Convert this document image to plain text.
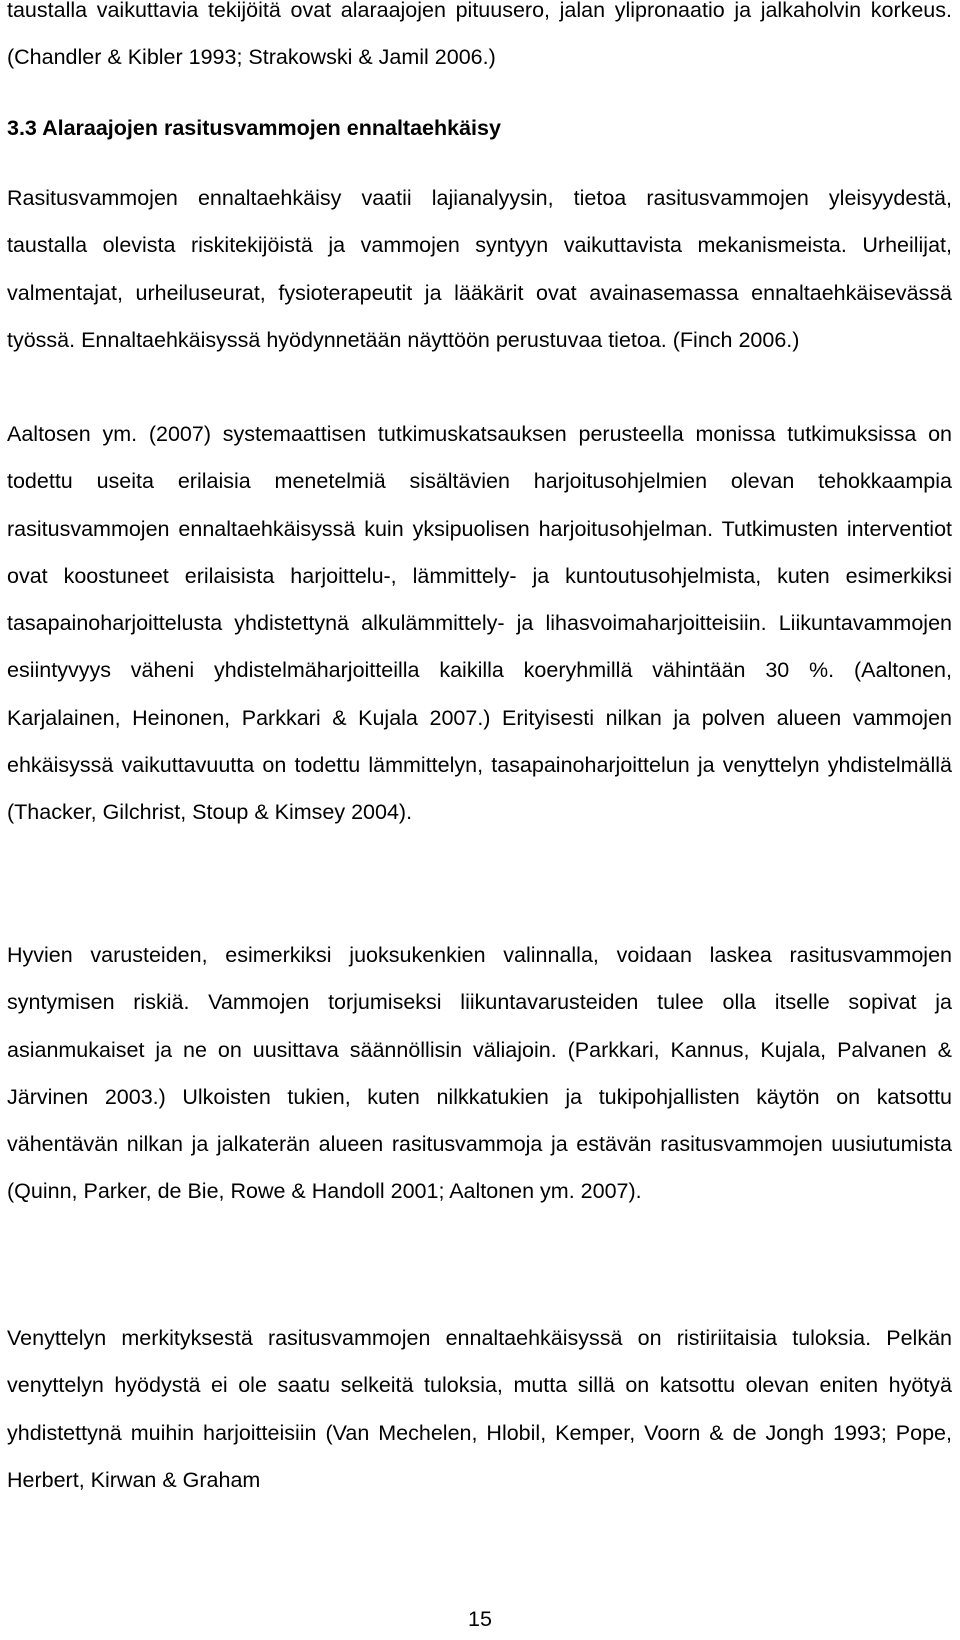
taustalla vaikuttavia tekijöitä ovat alaraajojen pituusero, jalan ylipronaatio ja jalkaholvin korkeus. (Chandler & Kibler 1993; Strakowski & Jamil 2006.)

3.3 Alaraajojen rasitusvammojen ennaltaehkäisy

Rasitusvammojen ennaltaehkäisy vaatii lajianalyysin, tietoa rasitusvammojen yleisyydestä, taustalla olevista riskitekijöistä ja vammojen syntyyn vaikuttavista mekanismeista. Urheilijat, valmentajat, urheiluseurat, fysioterapeutit ja lääkärit ovat avainasemassa ennaltaehkäisevässä työssä. Ennaltaehkäisyssä hyödynnetään näyttöön perustuvaa tietoa. (Finch 2006.)

Aaltosen ym. (2007) systemaattisen tutkimuskatsauksen perusteella monissa tutkimuksissa on todettu useita erilaisia menetelmiä sisältävien harjoitusohjelmien olevan tehokkaampia rasitusvammojen ennaltaehkäisyssä kuin yksipuolisen harjoitusohjelman. Tutkimusten interventiot ovat koostuneet erilaisista harjoittelu-, lämmittely- ja kuntoutusohjelmista, kuten esimerkiksi tasapainoharjoittelusta yhdistettynä alkulämmittely- ja lihasvoimaharjoitteisiin. Liikuntavammojen esiintyvyys väheni yhdistelmäharjoitteilla kaikilla koeryhmillä vähintään 30 %. (Aaltonen, Karjalainen, Heinonen, Parkkari & Kujala 2007.) Erityisesti nilkan ja polven alueen vammojen ehkäisyssä vaikuttavuutta on todettu lämmittelyn, tasapainoharjoittelun ja venyttelyn yhdistelmällä (Thacker, Gilchrist, Stoup & Kimsey 2004).

Hyvien varusteiden, esimerkiksi juoksukenkien valinnalla, voidaan laskea rasitusvammojen syntymisen riskiä. Vammojen torjumiseksi liikuntavarusteiden tulee olla itselle sopivat ja asianmukaiset ja ne on uusittava säännöllisin väliajoin. (Parkkari, Kannus, Kujala, Palvanen & Järvinen 2003.) Ulkoisten tukien, kuten nilkkatukien ja tukipohjallisten käytön on katsottu vähentävän nilkan ja jalkaterän alueen rasitusvammoja ja estävän rasitusvammojen uusiutumista (Quinn, Parker, de Bie, Rowe & Handoll 2001; Aaltonen ym. 2007).

Venyttelyn merkityksestä rasitusvammojen ennaltaehkäisyssä on ristiriitaisia tuloksia. Pelkän venyttelyn hyödystä ei ole saatu selkeitä tuloksia, mutta sillä on katsottu olevan eniten hyötyä yhdistettynä muihin harjoitteisiin (Van Mechelen, Hlobil, Kemper, Voorn & de Jongh 1993; Pope, Herbert, Kirwan & Graham

15
